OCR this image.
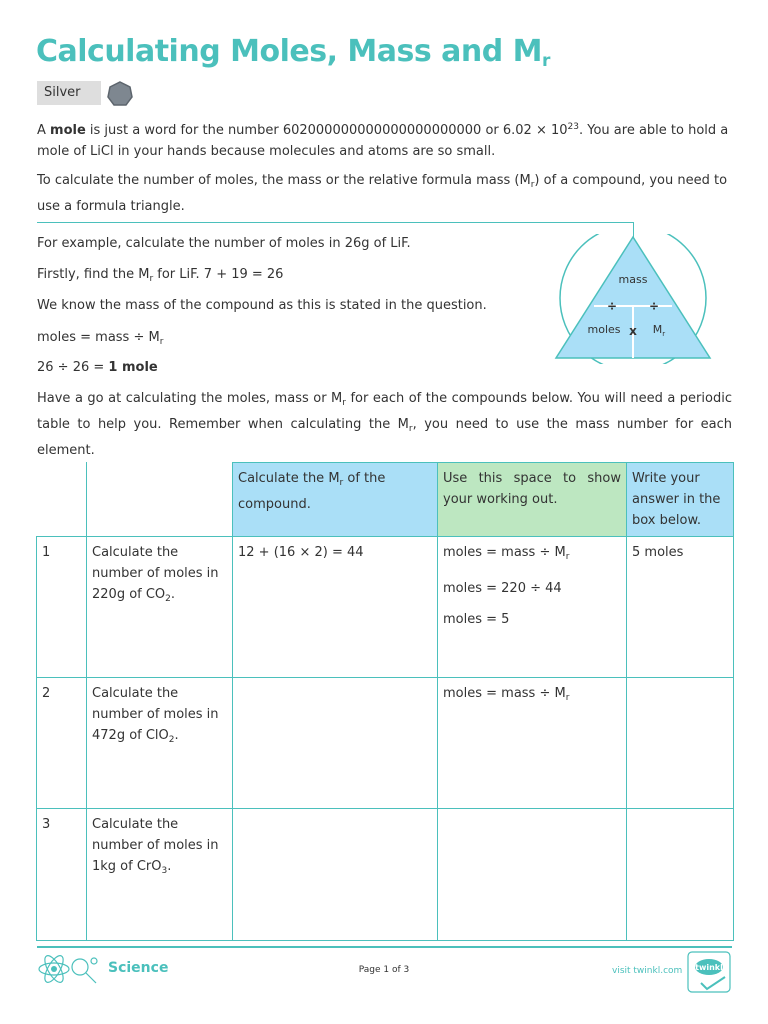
Calculating Moles, Mass and $M_r$
Silver

A mole is just a word for the number 602000000000000000000000 or $6.02 \times 10^{23}$. You are able to hold a mole of LiCl in your hands because molecules and atoms are so small.

To calculate the number of moles, the mass or the relative formula mass $(M_r)$ of a compound, you need to use a formula triangle.

For example, calculate the number of moles in 26g of LiF.

Firstly, find the $M_r$ for LiF. 7 + 19 = 26

We know the mass of the compound as this is stated in the question.

moles = mass ÷ $M_r$

26 ÷ 26 = 1 mole

mass
÷	÷
moles x $M_r$

Have a go at calculating the moles, mass or $M_r$ for each of the compounds below. You will need a periodic table to help you. Remember when calculating the $M_r$, you need to use the mass number for each element.

		Calculate the $M_r$ of the compound.	Use this space to show your working out.	Write your answer in the box below.
1	Calculate the number of moles in 220g of $CO_2$.	12 + (16 × 2) = 44	moles = mass ÷ $M_r$
moles = 220 ÷ 44
moles = 5	5 moles
2	Calculate the number of moles in 472g of ClO$_2$.		moles = mass ÷ $M_r$

3	Calculate the number of moles in 1kg of CrO$_3$.			
Science	Page 1 of 3	visit twinkl.com twinkl
